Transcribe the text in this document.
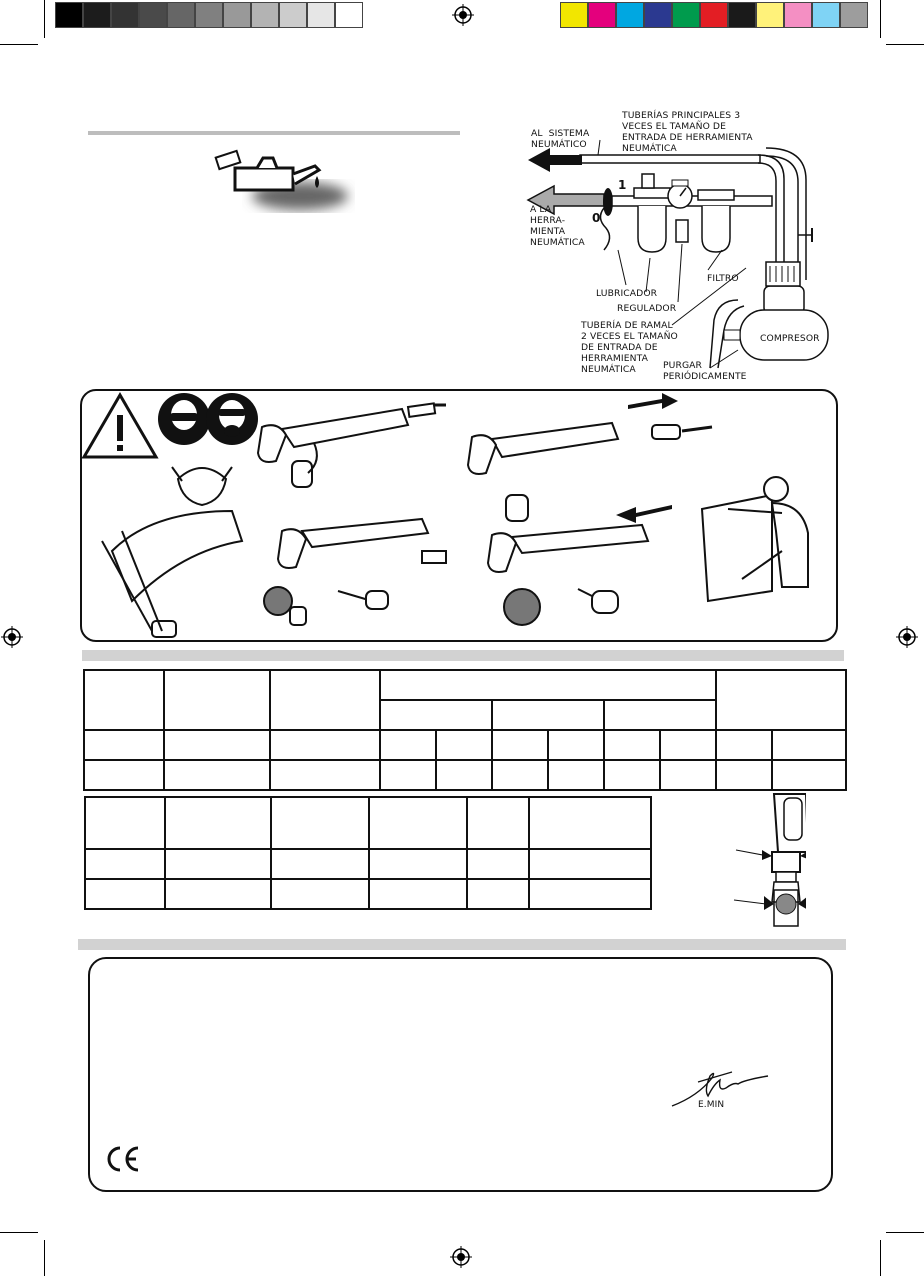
TUBERÍAS PRINCIPALES 3
VECES EL TAMAÑO DE
ENTRADA DE HERRAMIENTA
NEUMÁTICA
AL  SISTEMA
NEUMÁTICO
A LA
HERRA-
MIENTA
NEUMÁTICA
1
0
LUBRICADOR
FILTRO
REGULADOR
TUBERÍA DE RAMAL
2 VECES EL TAMAÑO
DE ENTRADA DE
HERRAMIENTA
NEUMÁTICA
COMPRESOR
PURGAR
PERIÓDICAMENTE

E.MIN
